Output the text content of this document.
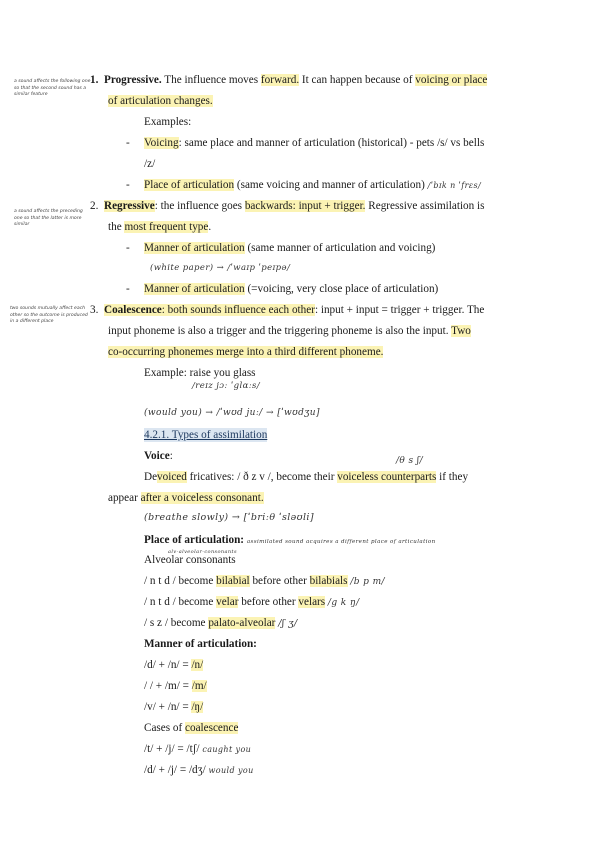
a sound affects the following one so that the second sound has a similar feature
a sound affects the preceding one so that the latter is more similar
two sounds mutually affect each other so the outcome is produced in a different place
1. Progressive. The influence moves forward. It can happen because of voicing or place
of articulation changes.
Examples:
- Voicing: same place and manner of articulation (historical) - pets /s/ vs bells
/z/
- Place of articulation (same voicing and manner of articulation) /ˈbɪk n ˈfrɛs/
2. Regressive: the influence goes backwards: input + trigger. Regressive assimilation is
the most frequent type.
- Manner of articulation (same manner of articulation and voicing)
(white paper) → /ˈwaɪp ˈpeɪpə/
- Manner of articulation (=voicing, very close place of articulation)
3. Coalescence: both sounds influence each other: input + input = trigger + trigger. The
input phoneme is also a trigger and the triggering phoneme is also the input. Two
co-occurring phonemes merge into a third different phoneme.
Example: raise you glass
/reɪz jɔː ˈglɑːs/
(would you) → /ˈwʊd juː/ → [ˈwʊdʒu]
4.2.1. Types of assimilation
Voice:	/θ s ʃ/
Devoiced fricatives: / ð z v /, become their voiceless counterparts if they
appear after a voiceless consonant.
(breathe slowly) → [ˈbriːθ ˈsləʊli]
Place of articulation: assimilated sound acquires a different place of articulation
alv-alveolar-consonants
Alveolar consonants
/ n t d / become bilabial before other bilabials /b p m/
/ n t d / become velar before other velars /g k ŋ/
/ s z / become palato-alveolar /ʃ ʒ/
Manner of articulation:
/d/ + /n/ = /n/
/ / + /m/ = /m/
/v/ + /n/ = /ŋ/
Cases of coalescence
/t/ + /j/ = /tʃ/ caught you
/d/ + /j/ = /dʒ/ would you
